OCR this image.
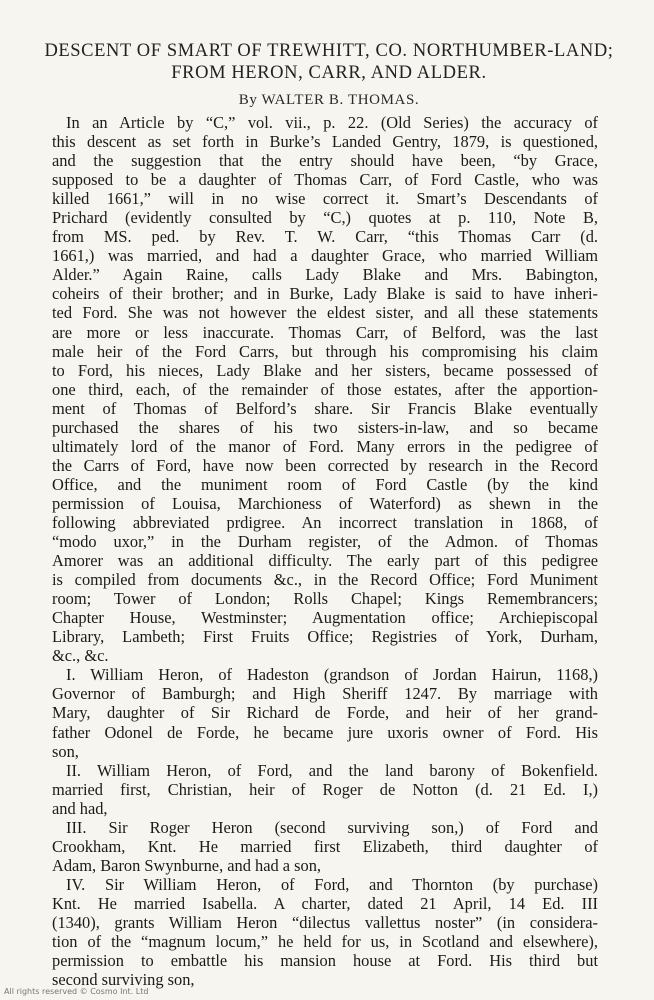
DESCENT OF SMART OF TREWHITT, CO. NORTHUMBER-LAND; FROM HERON, CARR, AND ALDER.
By WALTER B. THOMAS.
In an Article by “C,” vol. vii., p. 22. (Old Series) the accuracy of
this descent as set forth in Burke’s Landed Gentry, 1879, is questioned,
and the suggestion that the entry should have been, “by Grace,
supposed to be a daughter of Thomas Carr, of Ford Castle, who was
killed 1661,” will in no wise correct it. Smart’s Descendants of
Prichard (evidently consulted by “C,) quotes at p. 110, Note B,
from MS. ped. by Rev. T. W. Carr, “this Thomas Carr (d.
1661,) was married, and had a daughter Grace, who married William
Alder.” Again Raine, calls Lady Blake and Mrs. Babington,
coheirs of their brother; and in Burke, Lady Blake is said to have inheri-
ted Ford. She was not however the eldest sister, and all these statements
are more or less inaccurate. Thomas Carr, of Belford, was the last
male heir of the Ford Carrs, but through his compromising his claim
to Ford, his nieces, Lady Blake and her sisters, became possessed of
one third, each, of the remainder of those estates, after the apportion-
ment of Thomas of Belford’s share. Sir Francis Blake eventually
purchased the shares of his two sisters-in-law, and so became
ultimately lord of the manor of Ford. Many errors in the pedigree of
the Carrs of Ford, have now been corrected by research in the Record
Office, and the muniment room of Ford Castle (by the kind
permission of Louisa, Marchioness of Waterford) as shewn in the
following abbreviated prdigree. An incorrect translation in 1868, of
“modo uxor,” in the Durham register, of the Admon. of Thomas
Amorer was an additional difficulty. The early part of this pedigree
is compiled from documents &c., in the Record Office; Ford Muniment
room; Tower of London; Rolls Chapel; Kings Remembrancers;
Chapter House, Westminster; Augmentation office; Archiepiscopal
Library, Lambeth; First Fruits Office; Registries of York, Durham,
&c., &c.
I. William Heron, of Hadeston (grandson of Jordan Hairun, 1168,)
Governor of Bamburgh; and High Sheriff 1247. By marriage with
Mary, daughter of Sir Richard de Forde, and heir of her grand-
father Odonel de Forde, he became jure uxoris owner of Ford. His
son,
II. William Heron, of Ford, and the land barony of Bokenfield.
married first, Christian, heir of Roger de Notton (d. 21 Ed. I,)
and had,
III. Sir Roger Heron (second surviving son,) of Ford and
Crookham, Knt. He married first Elizabeth, third daughter of
Adam, Baron Swynburne, and had a son,
IV. Sir William Heron, of Ford, and Thornton (by purchase)
Knt. He married Isabella. A charter, dated 21 April, 14 Ed. III
(1340), grants William Heron “dilectus vallettus noster” (in considera-
tion of the “magnum locum,” he held for us, in Scotland and elsewhere),
permission to embattle his mansion house at Ford. His third but
second surviving son,
All rights reserved © Cosmo Int. Ltd
